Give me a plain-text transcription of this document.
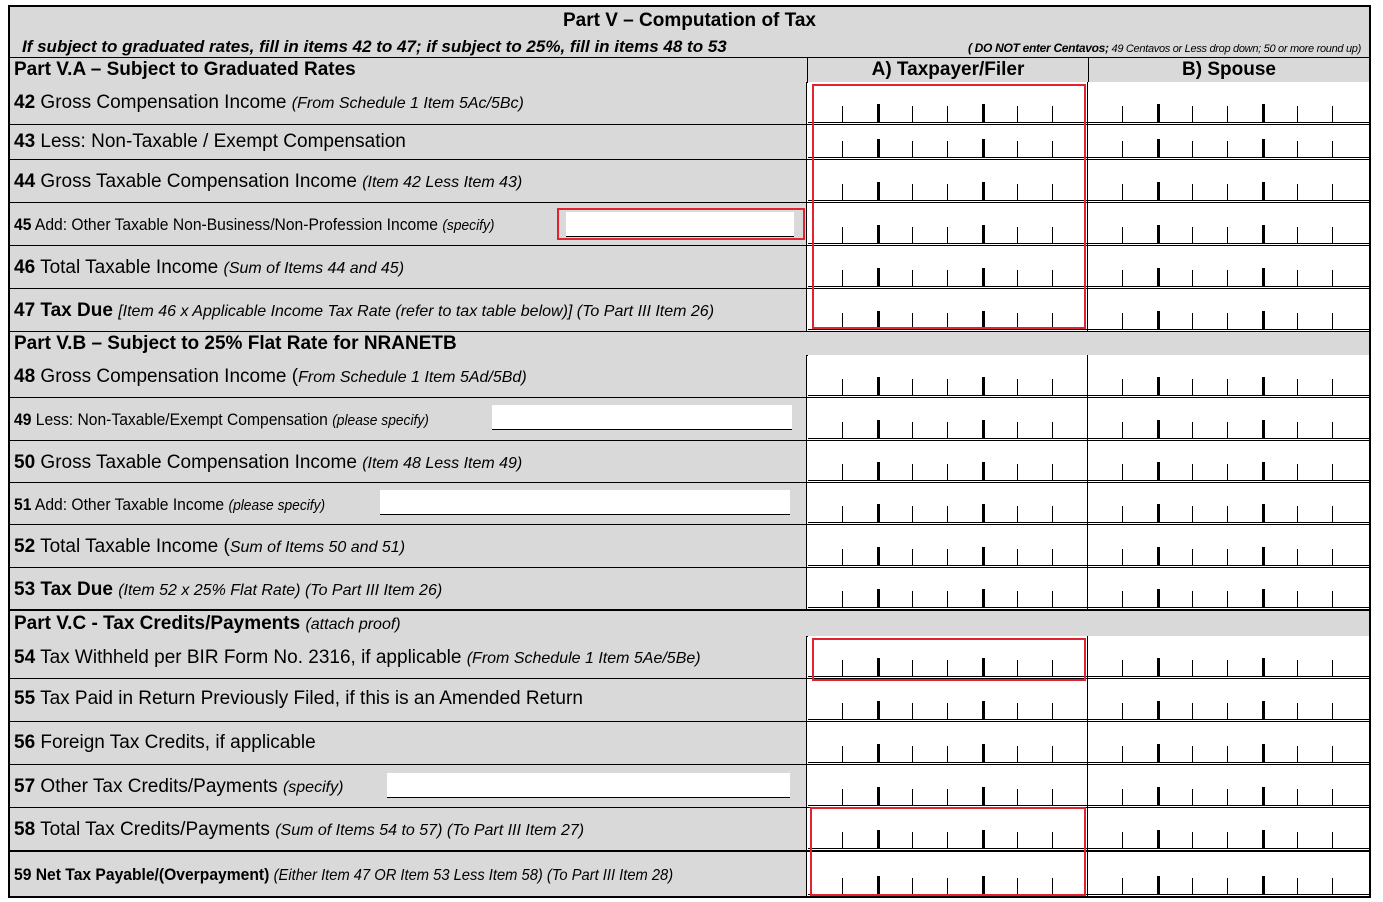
Part V – Computation of Tax
If subject to graduated rates, fill in items 42 to 47; if subject to 25%, fill in items 48 to 53	( DO NOT enter Centavos; 49 Centavos or Less drop down; 50 or more round up)
Part V.A – Subject to Graduated Rates	A) Taxpayer/Filer	B) Spouse
42 Gross Compensation Income (From Schedule 1 Item 5Ac/5Bc)
43 Less: Non-Taxable / Exempt Compensation
44 Gross Taxable Compensation Income (Item 42 Less Item 43)
45 Add: Other Taxable Non-Business/Non-Profession Income (specify)
46 Total Taxable Income (Sum of Items 44 and 45)
47 Tax Due [Item 46 x Applicable Income Tax Rate (refer to tax table below)] (To Part III Item 26)
Part V.B – Subject to 25% Flat Rate for NRANETB
48 Gross Compensation Income (From Schedule 1 Item 5Ad/5Bd)
49 Less: Non-Taxable/Exempt Compensation (please specify)
50 Gross Taxable Compensation Income (Item 48 Less Item 49)
51 Add: Other Taxable Income (please specify)
52 Total Taxable Income (Sum of Items 50 and 51)
53 Tax Due (Item 52 x 25% Flat Rate) (To Part III Item 26)
Part V.C - Tax Credits/Payments (attach proof)
54 Tax Withheld per BIR Form No. 2316, if applicable (From Schedule 1 Item 5Ae/5Be)
55 Tax Paid in Return Previously Filed, if this is an Amended Return
56 Foreign Tax Credits, if applicable
57 Other Tax Credits/Payments (specify)
58 Total Tax Credits/Payments (Sum of Items 54 to 57) (To Part III Item 27)
59 Net Tax Payable/(Overpayment) (Either Item 47 OR Item 53 Less Item 58) (To Part III Item 28)
